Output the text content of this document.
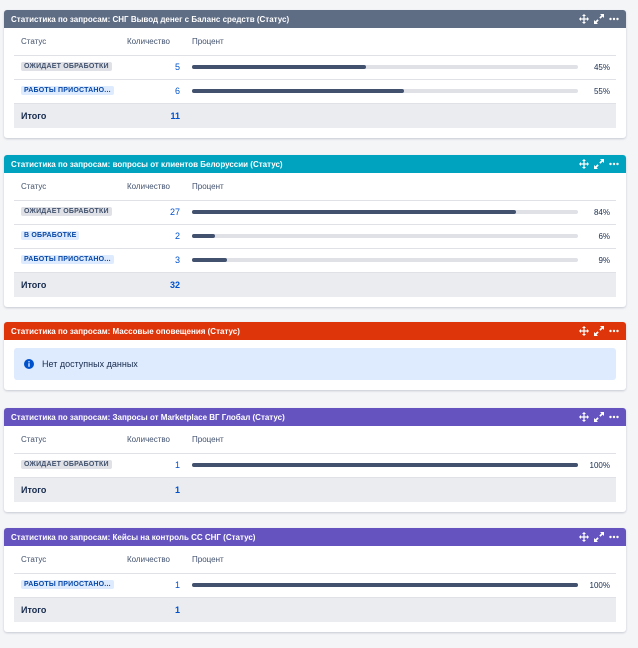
Статистика по запросам: СНГ Вывод денег с Баланс средств (Статус)
Статус	Количество	Процент	
ОЖИДАЕТ ОБРАБОТКИ	5		45%
РАБОТЫ ПРИОСТАНО...	6		55%
Итого	11		
Статистика по запросам: вопросы от клиентов Белоруссии (Статус)
Статус	Количество	Процент	
ОЖИДАЕТ ОБРАБОТКИ	27		84%
В ОБРАБОТКЕ	2		6%
РАБОТЫ ПРИОСТАНО...	3		9%
Итого	32		
Статистика по запросам: Массовые оповещения (Статус)
Нет доступных данных
Статистика по запросам: Запросы от Marketplace ВГ Глобал (Статус)
Статус	Количество	Процент	
ОЖИДАЕТ ОБРАБОТКИ	1		100%
Итого	1		
Статистика по запросам: Кейсы на контроль СС СНГ (Статус)
Статус	Количество	Процент	
РАБОТЫ ПРИОСТАНО...	1		100%
Итого	1		
